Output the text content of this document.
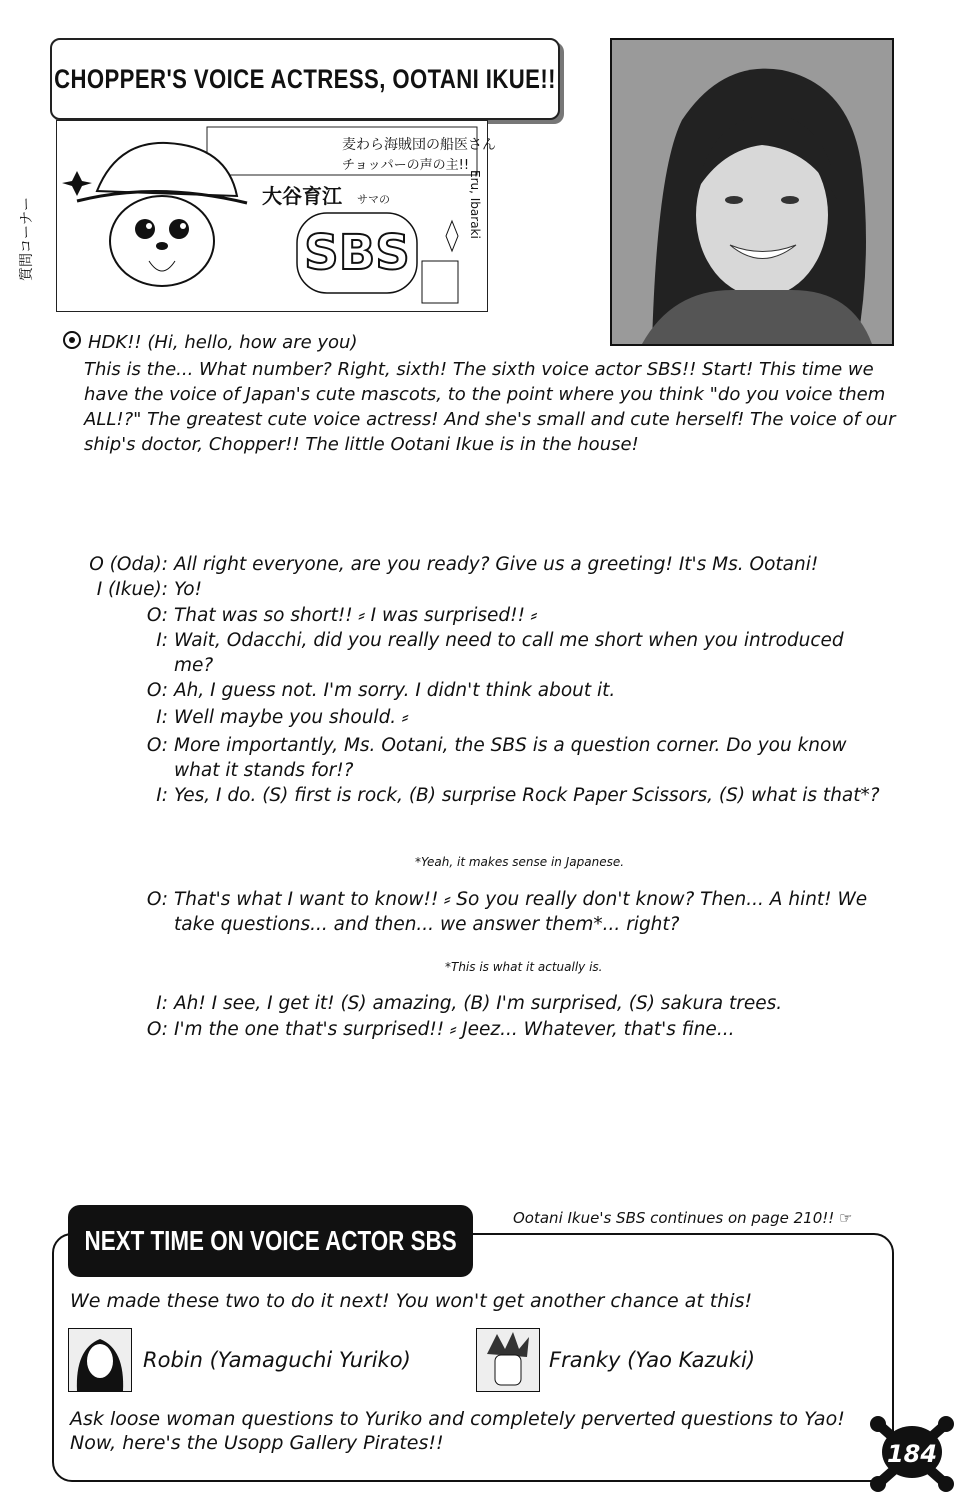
CHOPPER'S VOICE ACTRESS, OOTANI IKUE!!
SBS
麦わら海賊団の船医さん
チョッパーの声の主!!
大谷育江 サマの
質問コーナー	Eru, Ibaraki
HDK!! (Hi, hello, how are you)
This is the... What number? Right, sixth! The sixth voice actor SBS!! Start! This time we have the voice of Japan's cute mascots, to the point where you think "do you voice them ALL!?" The greatest cute voice actress! And she's small and cute herself! The voice of our ship's doctor, Chopper!! The little Ootani Ikue is in the house!
O (Oda): All right everyone, are you ready? Give us a greeting! It's Ms. Ootani!
I (Ikue): Yo!
O: That was so short!! ⸗ I was surprised!! ⸗
I: Wait, Odacchi, did you really need to call me short when you introduced me?
O: Ah, I guess not. I'm sorry. I didn't think about it.
I: Well maybe you should. ⸗
O: More importantly, Ms. Ootani, the SBS is a question corner. Do you know what it stands for!?
I: Yes, I do. (S) first is rock, (B) surprise Rock Paper Scissors, (S) what is that*?
*Yeah, it makes sense in Japanese.
O: That's what I want to know!! ⸗ So you really don't know? Then... A hint! We take questions... and then... we answer them*... right?
*This is what it actually is.
I: Ah! I see, I get it! (S) amazing, (B) I'm surprised, (S) sakura trees.
O: I'm the one that's surprised!! ⸗ Jeez... Whatever, that's fine...
Ootani Ikue's SBS continues on page 210!! ☞
NEXT TIME ON VOICE ACTOR SBS
We made these two to do it next! You won't get another chance at this!
Robin (Yamaguchi Yuriko)	Franky (Yao Kazuki)
Ask loose woman questions to Yuriko and completely perverted questions to Yao! Now, here's the Usopp Gallery Pirates!!	184
